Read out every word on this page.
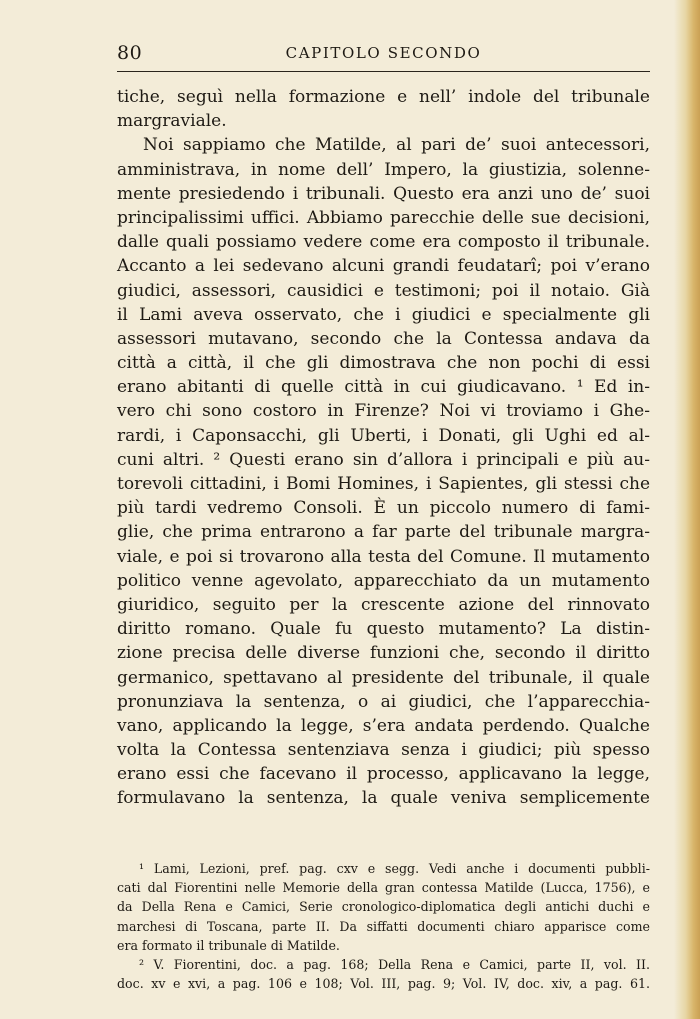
80	CAPITOLO SECONDO
tiche, seguì nella formazione e nell’ indole del tribunale
margraviale.
Noi sappiamo che Matilde, al pari de’ suoi antecessori,
amministrava, in nome dell’ Impero, la giustizia, solenne-
mente presiedendo i tribunali. Questo era anzi uno de’ suoi
principalissimi uffici. Abbiamo parecchie delle sue decisioni,
dalle quali possiamo vedere come era composto il tribunale.
Accanto a lei sedevano alcuni grandi feudatarî; poi v’erano
giudici, assessori, causidici e testimoni; poi il notaio. Già
il Lami aveva osservato, che i giudici e specialmente gli
assessori mutavano, secondo che la Contessa andava da
città a città, il che gli dimostrava che non pochi di essi
erano abitanti di quelle città in cui giudicavano. ¹ Ed in-
vero chi sono costoro in Firenze? Noi vi troviamo i Ghe-
rardi, i Caponsacchi, gli Uberti, i Donati, gli Ughi ed al-
cuni altri. ² Questi erano sin d’allora i principali e più au-
torevoli cittadini, i Bomi Homines, i Sapientes, gli stessi che
più tardi vedremo Consoli. È un piccolo numero di fami-
glie, che prima entrarono a far parte del tribunale margra-
viale, e poi si trovarono alla testa del Comune. Il mutamento
politico venne agevolato, apparecchiato da un mutamento
giuridico, seguito per la crescente azione del rinnovato
diritto romano. Quale fu questo mutamento? La distin-
zione precisa delle diverse funzioni che, secondo il diritto
germanico, spettavano al presidente del tribunale, il quale
pronunziava la sentenza, o ai giudici, che l’apparecchia-
vano, applicando la legge, s’era andata perdendo. Qualche
volta la Contessa sentenziava senza i giudici; più spesso
erano essi che facevano il processo, applicavano la legge,
formulavano la sentenza, la quale veniva semplicemente
¹ Lami, Lezioni, pref. pag. cxv e segg. Vedi anche i documenti pubbli-
cati dal Fiorentini nelle Memorie della gran contessa Matilde (Lucca, 1756), e
da Della Rena e Camici, Serie cronologico-diplomatica degli antichi duchi e
marchesi di Toscana, parte II. Da siffatti documenti chiaro apparisce come
era formato il tribunale di Matilde.
² V. Fiorentini, doc. a pag. 168; Della Rena e Camici, parte II, vol. II.
doc. xv e xvi, a pag. 106 e 108; Vol. III, pag. 9; Vol. IV, doc. xiv, a pag. 61.
